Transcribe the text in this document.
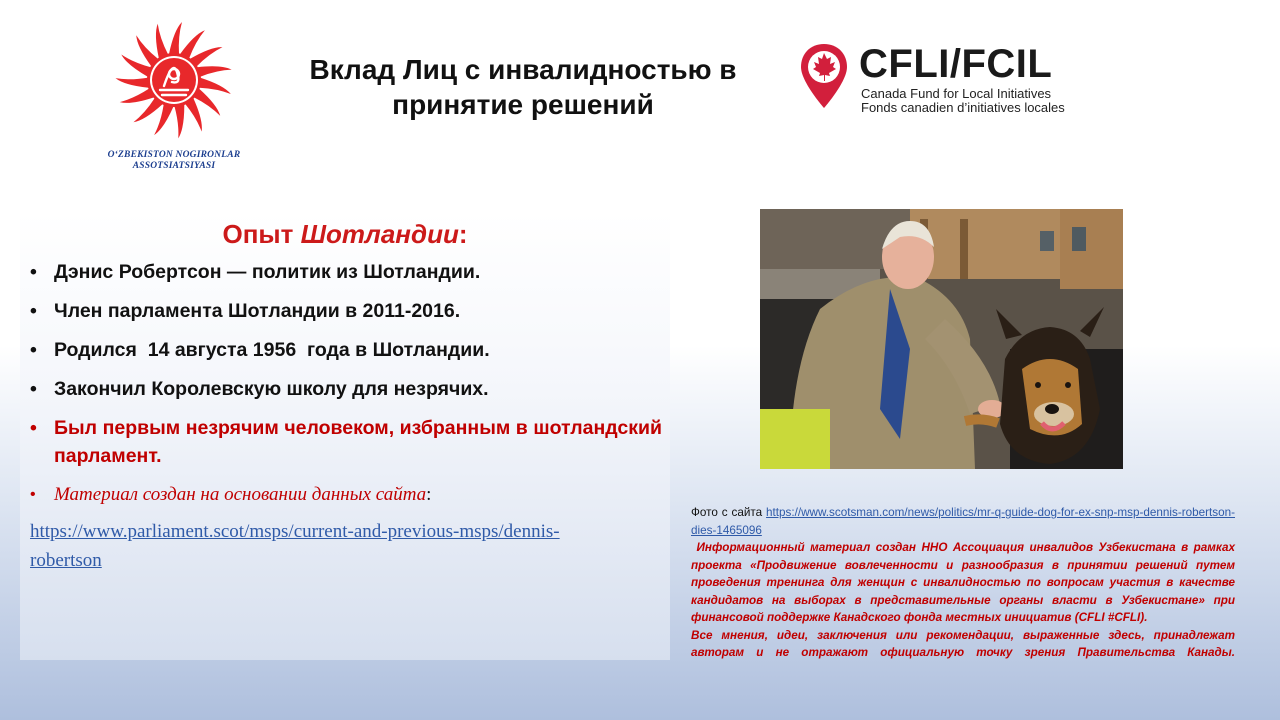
O‘ZBEKISTON NOGIRONLAR
ASSOTSIATSIYASI
Вклад Лиц с инвалидностью в
принятие решений
CFLI/FCIL
Canada Fund for Local Initiatives
Fonds canadien d’initiatives locales
Опыт Шотландии:
• Дэнис Робертсон — политик из Шотландии.
• Член парламента Шотландии в 2011-2016.
• Родился  14 августа 1956  года в Шотландии.
• Закончил Королевскую школу для незрячих.
• Был первым незрячим человеком, избранным в шотландский парламент.
• Материал создан на основании данных сайта:
https://www.parliament.scot/msps/current-and-previous-msps/dennis-robertson
Фото с сайта https://www.scotsman.com/news/politics/mr-q-guide-dog-for-ex-snp-msp-dennis-robertson-dies-1465096
Информационный материал создан ННО Ассоциация инвалидов Узбекистана в рамках проекта «Продвижение вовлеченности и разнообразия в принятии решений путем проведения тренинга для женщин с инвалидностью по вопросам участия в качестве кандидатов на выборах в представительные органы власти в Узбекистане» при финансовой поддержке Канадского фонда местных инициатив (CFLI #CFLI).
Все мнения, идеи, заключения или рекомендации, выраженные здесь, принадлежат авторам и не отражают официальную точку зрения Правительства Канады.
